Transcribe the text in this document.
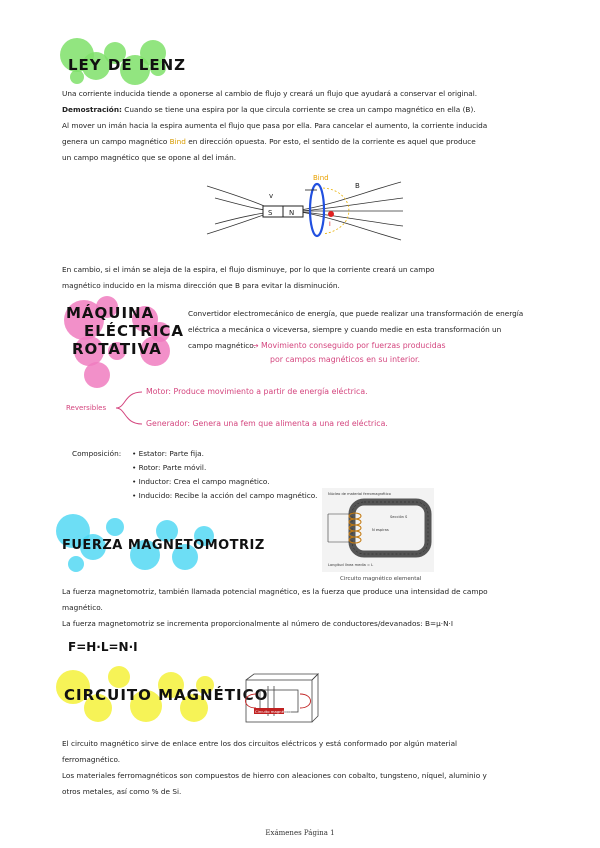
LEY DE LENZ

Una corriente inducida tiende a oponerse al cambio de flujo y creará un flujo que ayudará a conservar el original.

Demostración: Cuando se tiene una espira por la que circula corriente se crea un campo magnético en ella (B).

Al mover un imán hacia la espira aumenta el flujo que pasa por ella. Para cancelar el aumento, la corriente inducida

genera un campo magnético Bind en dirección opuesta. Por esto, el sentido de la corriente es aquel que produce

un campo magnético que se opone al del imán.

S N
v
Bind
B
I

En cambio, si el imán se aleja de la espira, el flujo disminuye, por lo que la corriente creará un campo

magnético inducido en la misma dirección que B para evitar la disminución.

MÁQUINA
ELÉCTRICA
ROTATIVA

Convertidor electromecánico de energía, que puede realizar una transformación de energía

eléctrica a mecánica o viceversa, siempre y cuando medie en esta transformación un

campo magnético.

→ Movimiento conseguido por fuerzas producidas
por campos magnéticos en su interior.
Reversibles
Motor: Produce movimiento a partir de energía eléctrica.
Generador: Genera una fem que alimenta a una red eléctrica.

Composición: • Estator: Parte fija.

• Rotor: Parte móvil.

• Inductor: Crea el campo magnético.

• Inducido: Recibe la acción del campo magnético.	Núcleo de material ferromagnético
Sección S
N espiras
Longitud línea media = L
Circuito magnético elemental
FUERZA MAGNETOMOTRIZ

La fuerza magnetomotriz, también llamada potencial magnético, es la fuerza que produce una intensidad de campo magnético.

La fuerza magnetomotriz se incrementa proporcionalmente al número de conductores/devanados: B=μ·N·I

F=H·L=N·I
CIRCUITO MAGNÉTICO
Circuito magnético

El circuito magnético sirve de enlace entre los dos circuitos eléctricos y está conformado por algún material ferromagnético.

Los materiales ferromagnéticos son compuestos de hierro con aleaciones con cobalto, tungsteno, níquel, aluminio y otros metales, así como % de Si.

Exámenes Página 1
